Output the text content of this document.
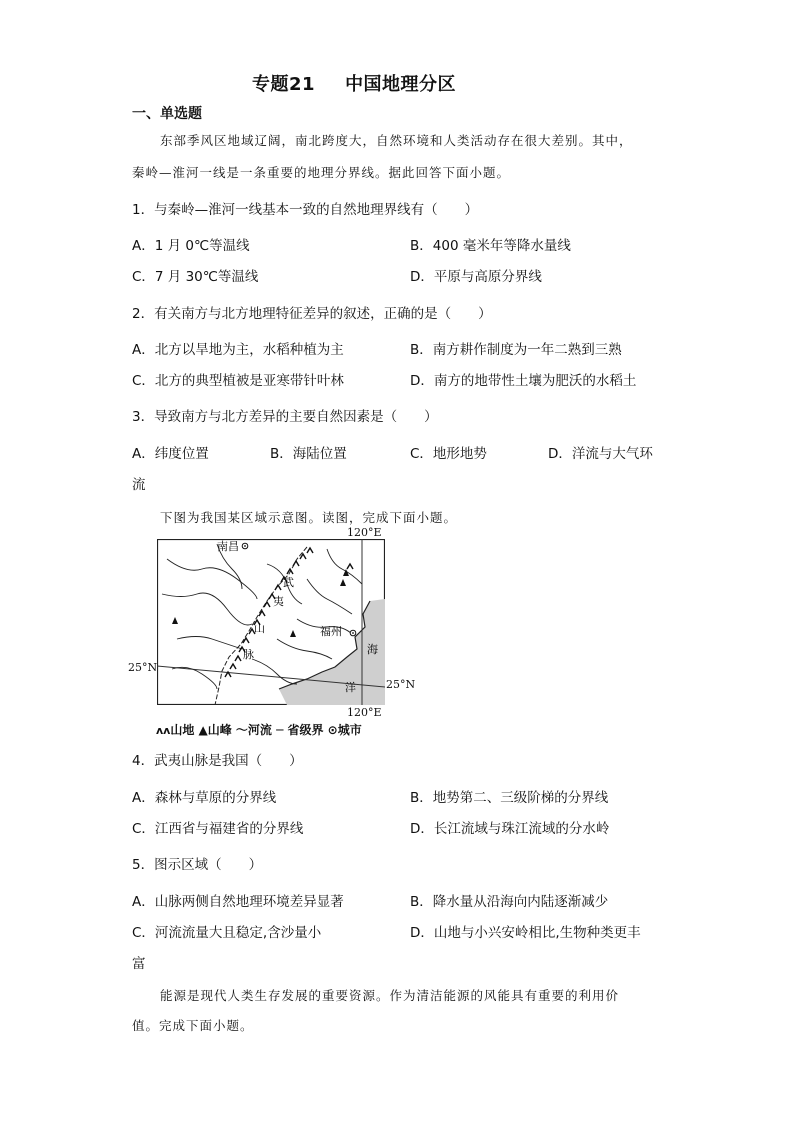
专题21 中国地理分区
一、单选题
东部季风区地域辽阔，南北跨度大，自然环境和人类活动存在很大差别。其中，
秦岭—淮河一线是一条重要的地理分界线。据此回答下面小题。
1．与秦岭—淮河一线基本一致的自然地理界线有（　　）
A．1 月 0℃等温线	B．400 毫米年等降水量线
C．7 月 30℃等温线	D．平原与高原分界线
2．有关南方与北方地理特征差异的叙述，正确的是（　　）
A．北方以旱地为主，水稻种植为主	B．南方耕作制度为一年二熟到三熟
C．北方的典型植被是亚寒带针叶林	D．南方的地带性土壤为肥沃的水稻土
3．导致南方与北方差异的主要自然因素是（　　）
A．纬度位置	B．海陆位置	C．地形地势	D．洋流与大气环
流
下图为我国某区域示意图。读图，完成下面小题。
南昌
福州
武
夷
山
脉	海
洋
120°E
120°E
25°N
25°N
ᴧᴧ山地 ▲山峰 〜河流 ─ 省级界 ⊙城市
4．武夷山脉是我国（　　）
A．森林与草原的分界线	B．地势第二、三级阶梯的分界线
C．江西省与福建省的分界线	D．长江流域与珠江流域的分水岭
5．图示区域（　　）
A．山脉两侧自然地理环境差异显著	B．降水量从沿海向内陆逐渐减少
C．河流流量大且稳定,含沙量小	D．山地与小兴安岭相比,生物种类更丰
富
能源是现代人类生存发展的重要资源。作为清洁能源的风能具有重要的利用价
值。完成下面小题。
